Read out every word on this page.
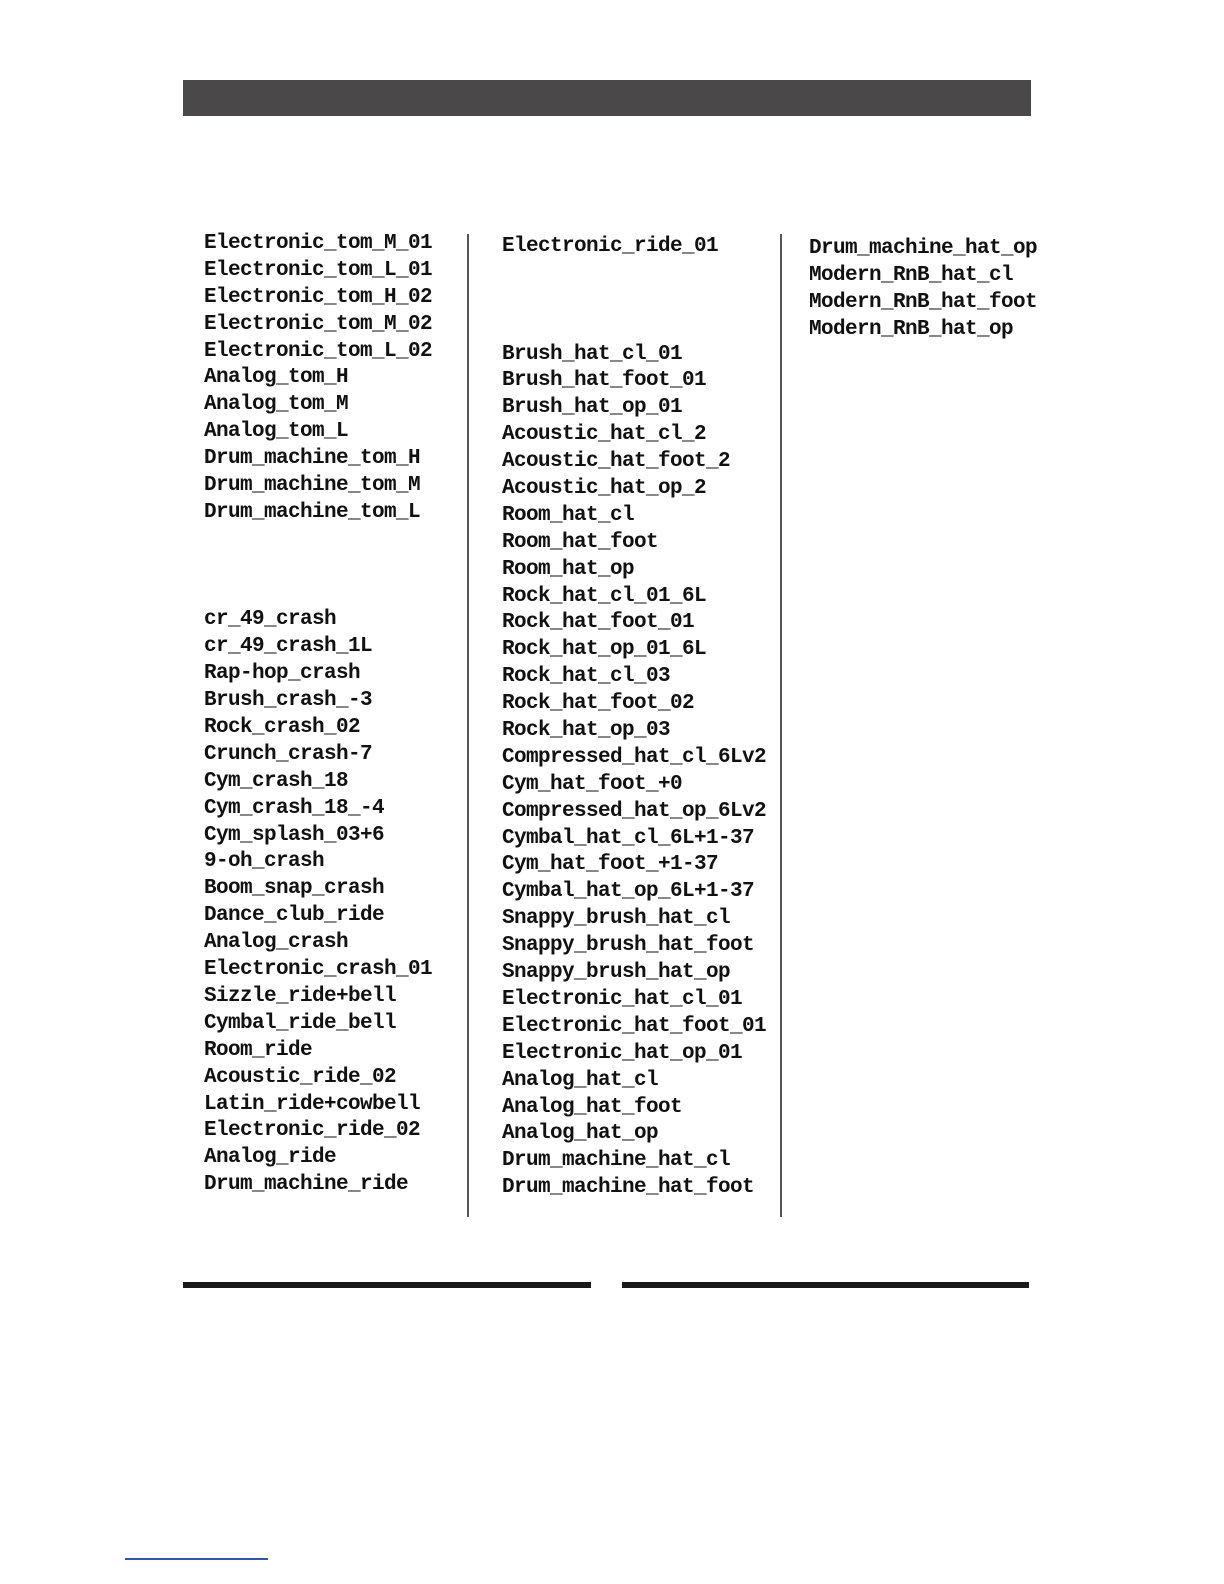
Electronic_tom_M_01
Electronic_tom_L_01
Electronic_tom_H_02
Electronic_tom_M_02
Electronic_tom_L_02
Analog_tom_H
Analog_tom_M
Analog_tom_L
Drum_machine_tom_H
Drum_machine_tom_M
Drum_machine_tom_L
cr_49_crash
cr_49_crash_1L
Rap-hop_crash
Brush_crash_-3
Rock_crash_02
Crunch_crash-7
Cym_crash_18
Cym_crash_18_-4
Cym_splash_03+6
9-oh_crash
Boom_snap_crash
Dance_club_ride
Analog_crash
Electronic_crash_01
Sizzle_ride+bell
Cymbal_ride_bell
Room_ride
Acoustic_ride_02
Latin_ride+cowbell
Electronic_ride_02
Analog_ride
Drum_machine_ride
Electronic_ride_01
Brush_hat_cl_01
Brush_hat_foot_01
Brush_hat_op_01
Acoustic_hat_cl_2
Acoustic_hat_foot_2
Acoustic_hat_op_2
Room_hat_cl
Room_hat_foot
Room_hat_op
Rock_hat_cl_01_6L
Rock_hat_foot_01
Rock_hat_op_01_6L
Rock_hat_cl_03
Rock_hat_foot_02
Rock_hat_op_03
Compressed_hat_cl_6Lv2
Cym_hat_foot_+0
Compressed_hat_op_6Lv2
Cymbal_hat_cl_6L+1-37
Cym_hat_foot_+1-37
Cymbal_hat_op_6L+1-37
Snappy_brush_hat_cl
Snappy_brush_hat_foot
Snappy_brush_hat_op
Electronic_hat_cl_01
Electronic_hat_foot_01
Electronic_hat_op_01
Analog_hat_cl
Analog_hat_foot
Analog_hat_op
Drum_machine_hat_cl
Drum_machine_hat_foot
Drum_machine_hat_op
Modern_RnB_hat_cl
Modern_RnB_hat_foot
Modern_RnB_hat_op
